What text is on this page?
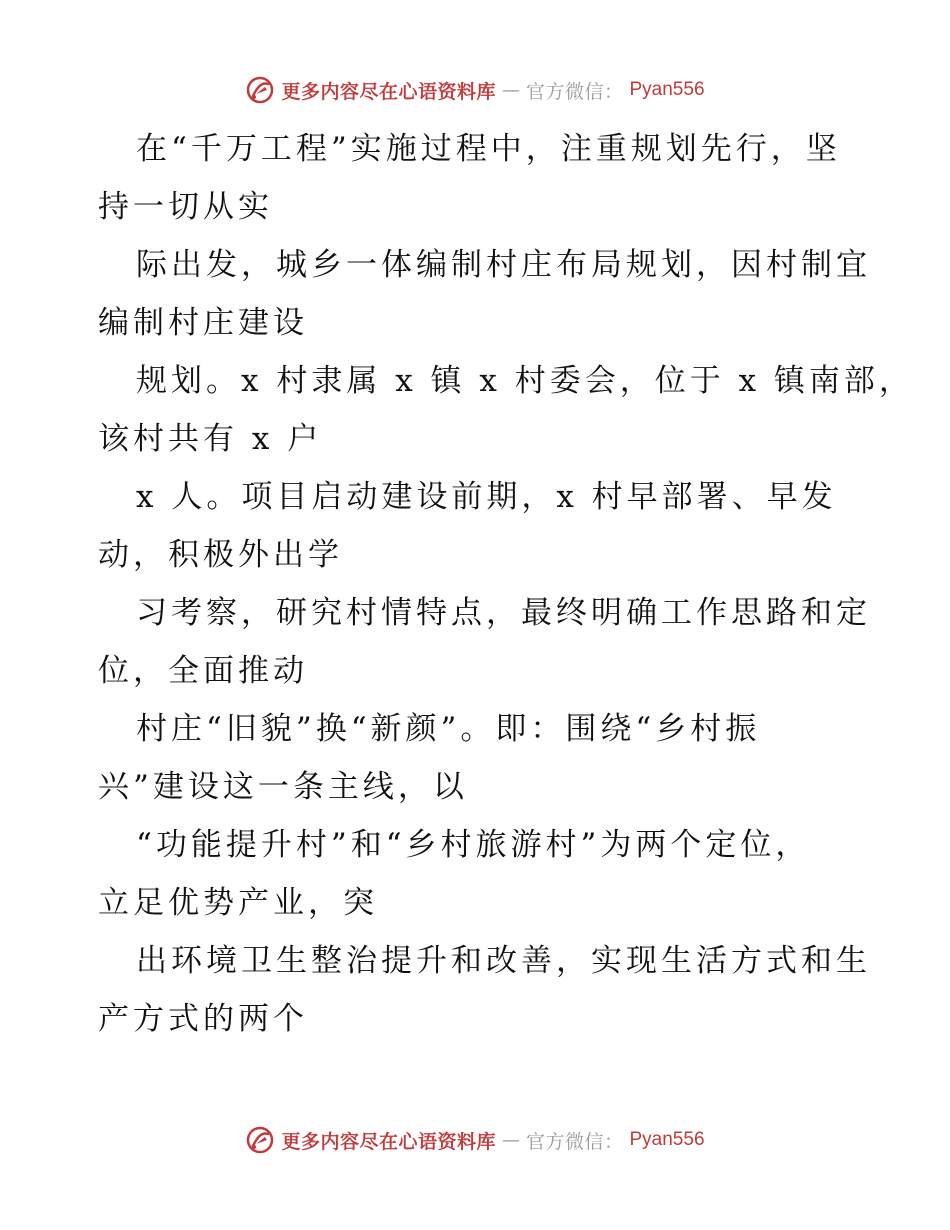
更多内容尽在心语资料库 — 官方微信： Pyan556

在“千万工程”实施过程中，注重规划先行，坚
持一切从实

际出发，城乡一体编制村庄布局规划，因村制宜
编制村庄建设

规划。x 村隶属 x 镇 x 村委会，位于 x 镇南部，
该村共有 x 户

x 人。项目启动建设前期，x 村早部署、早发
动，积极外出学

习考察，研究村情特点，最终明确工作思路和定
位，全面推动

村庄“旧貌”换“新颜”。即：围绕“乡村振
兴”建设这一条主线，以

“功能提升村”和“乡村旅游村”为两个定位，
立足优势产业，突

出环境卫生整治提升和改善，实现生活方式和生
产方式的两个

更多内容尽在心语资料库 — 官方微信： Pyan556
